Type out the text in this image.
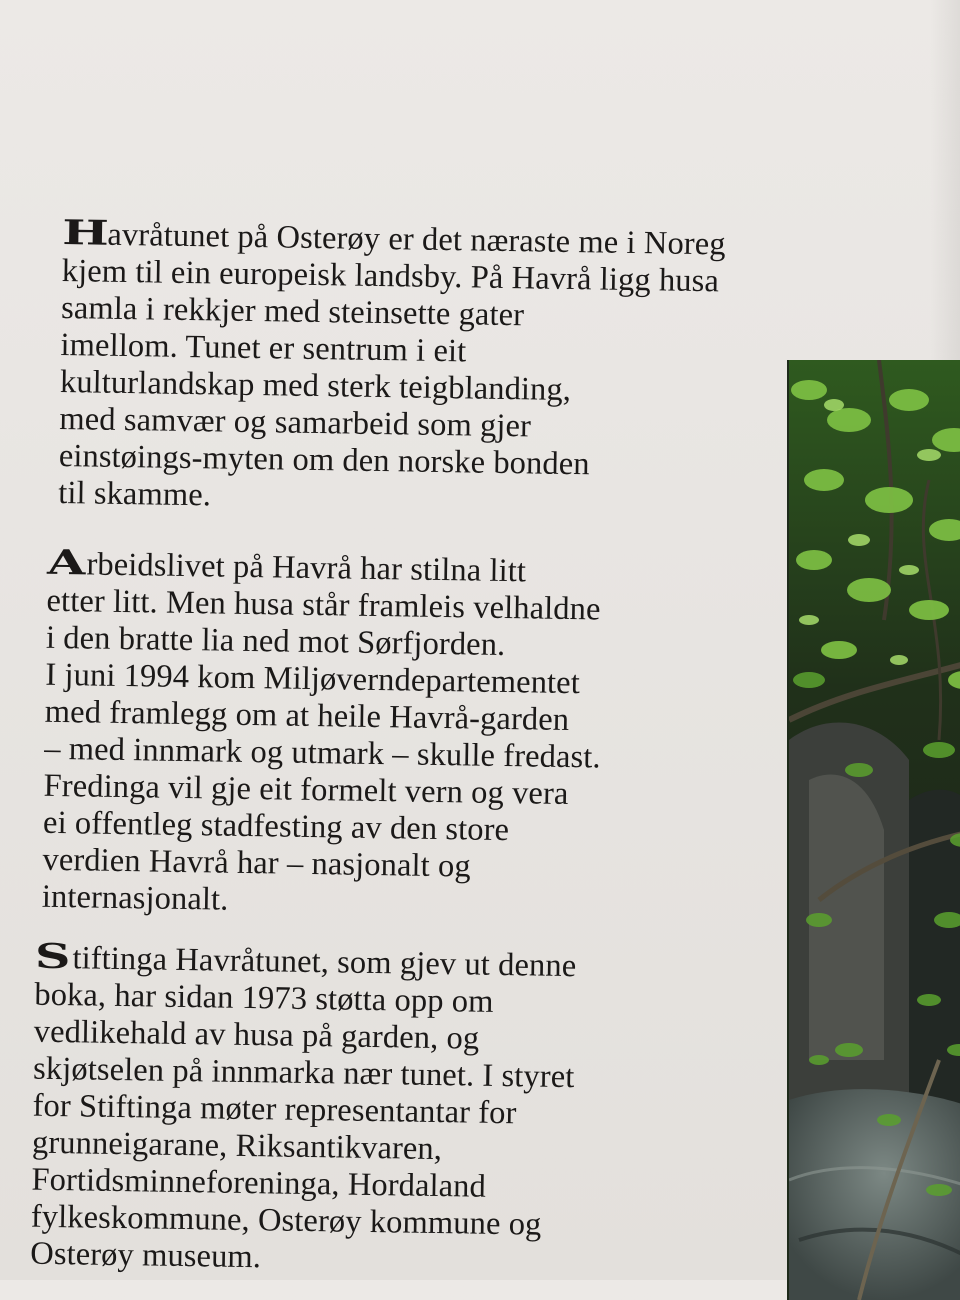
Havråtunet på Osterøy er det næraste me i Noreg
kjem til ein europeisk landsby. På Havrå ligg husa
samla i rekkjer med steinsette gater
imellom. Tunet er sentrum i eit
kulturlandskap med sterk teigblanding,
med samvær og samarbeid som gjer
einstøings-myten om den norske bonden
til skamme.
Arbeidslivet på Havrå har stilna litt
etter litt. Men husa står framleis velhaldne
i den bratte lia ned mot Sørfjorden.
I juni 1994 kom Miljøverndepartementet
med framlegg om at heile Havrå-garden
– med innmark og utmark – skulle fredast.
Fredinga vil gje eit formelt vern og vera
ei offentleg stadfesting av den store
verdien Havrå har – nasjonalt og
internasjonalt.
Stiftinga Havråtunet, som gjev ut denne
boka, har sidan 1973 støtta opp om
vedlikehald av husa på garden, og
skjøtselen på innmarka nær tunet. I styret
for Stiftinga møter representantar for
grunneigarane, Riksantikvaren,
Fortidsminneforeninga, Hordaland
fylkeskommune, Osterøy kommune og
Osterøy museum.
